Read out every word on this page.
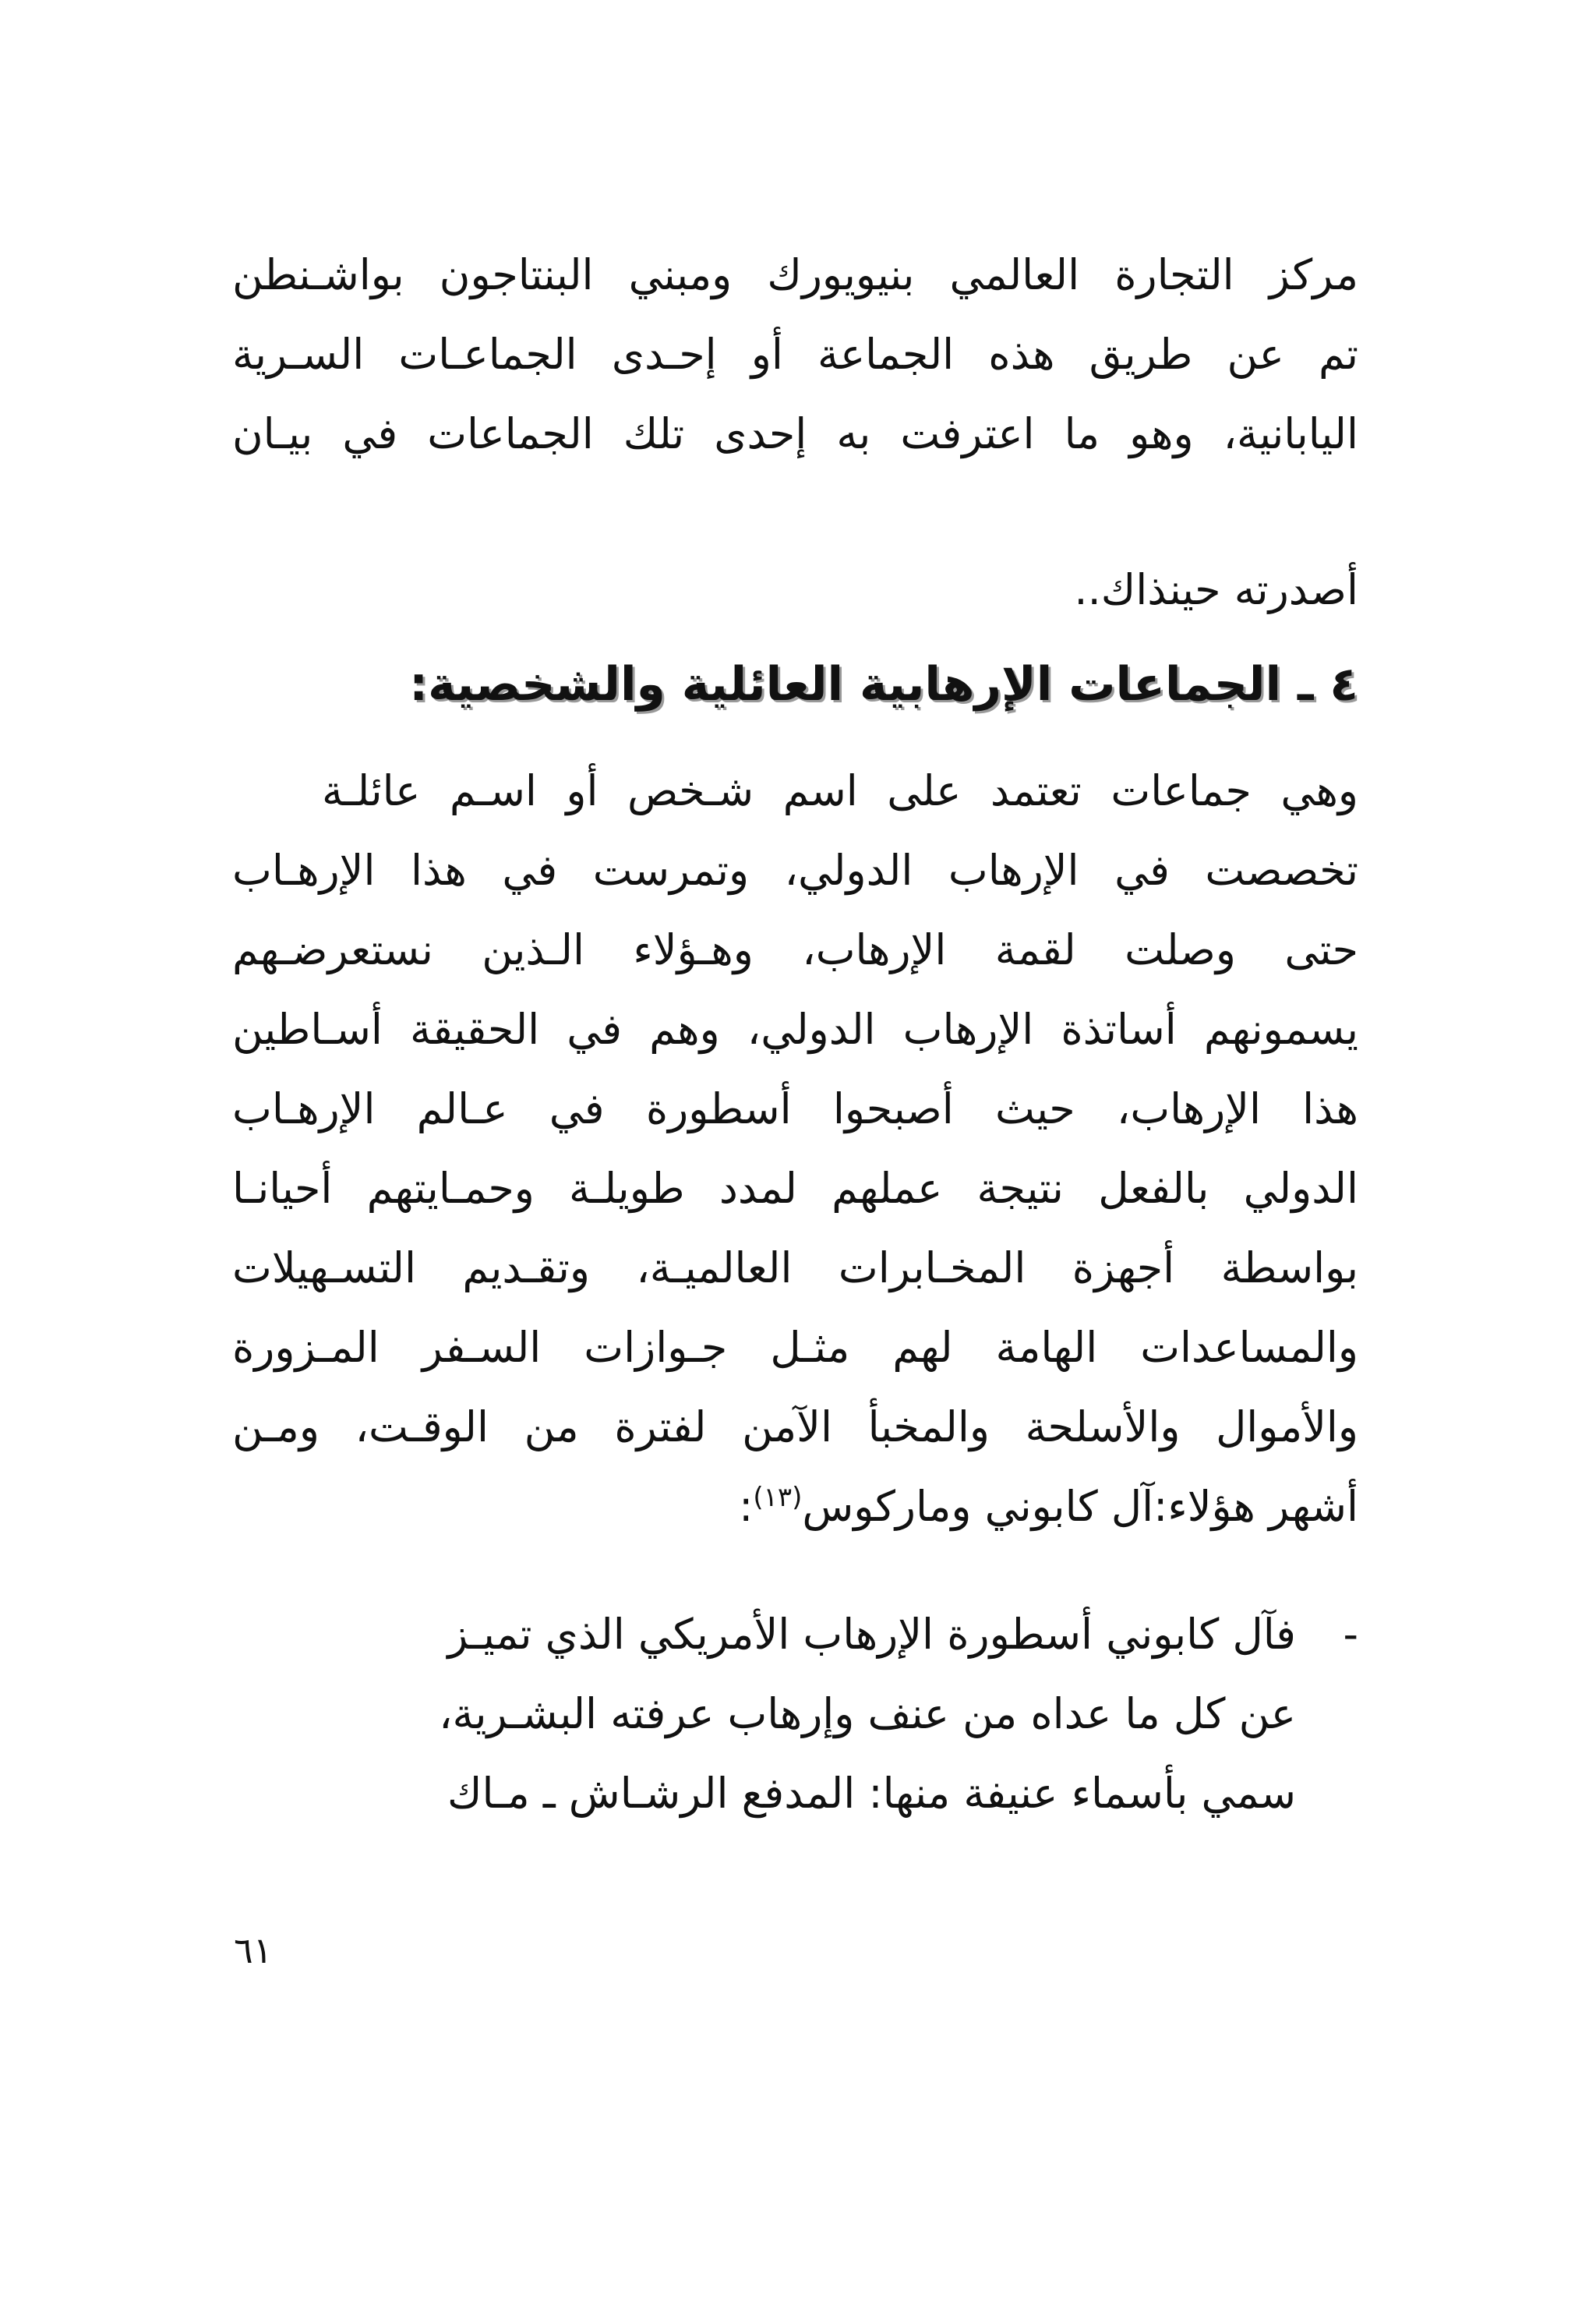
مركز التجارة العالمي بنيويورك ومبني البنتاجون بواشـنطن
تم عن طريق هذه الجماعة أو إحـدى الجماعـات السـرية
اليابانية، وهو ما اعترفت به إحدى تلك الجماعات في بيـان
أصدرته حينذاك..
٤ ـ الجماعات الإرهابية العائلية والشخصية:
وهي جماعات تعتمد على اسم شـخص أو اسـم عائلـة
تخصصت في الإرهاب الدولي، وتمرست في هذا الإرهـاب
حتى وصلت لقمة الإرهاب، وهـؤلاء الـذين نستعرضـهم
يسمونهم أساتذة الإرهاب الدولي، وهم في الحقيقة أسـاطين
هذا الإرهاب، حيث أصبحوا أسطورة في عـالم الإرهـاب
الدولي بالفعل نتيجة عملهم لمدد طويلـة وحمـايتهم أحيانـا
بواسطة أجهزة المخـابرات العالميـة، وتقـديم التسـهيلات
والمساعدات الهامة لهم مثـل جـوازات السـفر المـزورة
والأموال والأسلحة والمخبأ الآمن لفترة من الوقـت، ومـن
أشهر هؤلاء:آل كابوني وماركوس$^{(١٣)}$:
-
فآل كابوني أسطورة الإرهاب الأمريكي الذي تميـز
عن كل ما عداه من عنف وإرهاب عرفته البشـرية،
سمي بأسماء عنيفة منها: المدفع الرشـاش ـ مـاك
٦١
